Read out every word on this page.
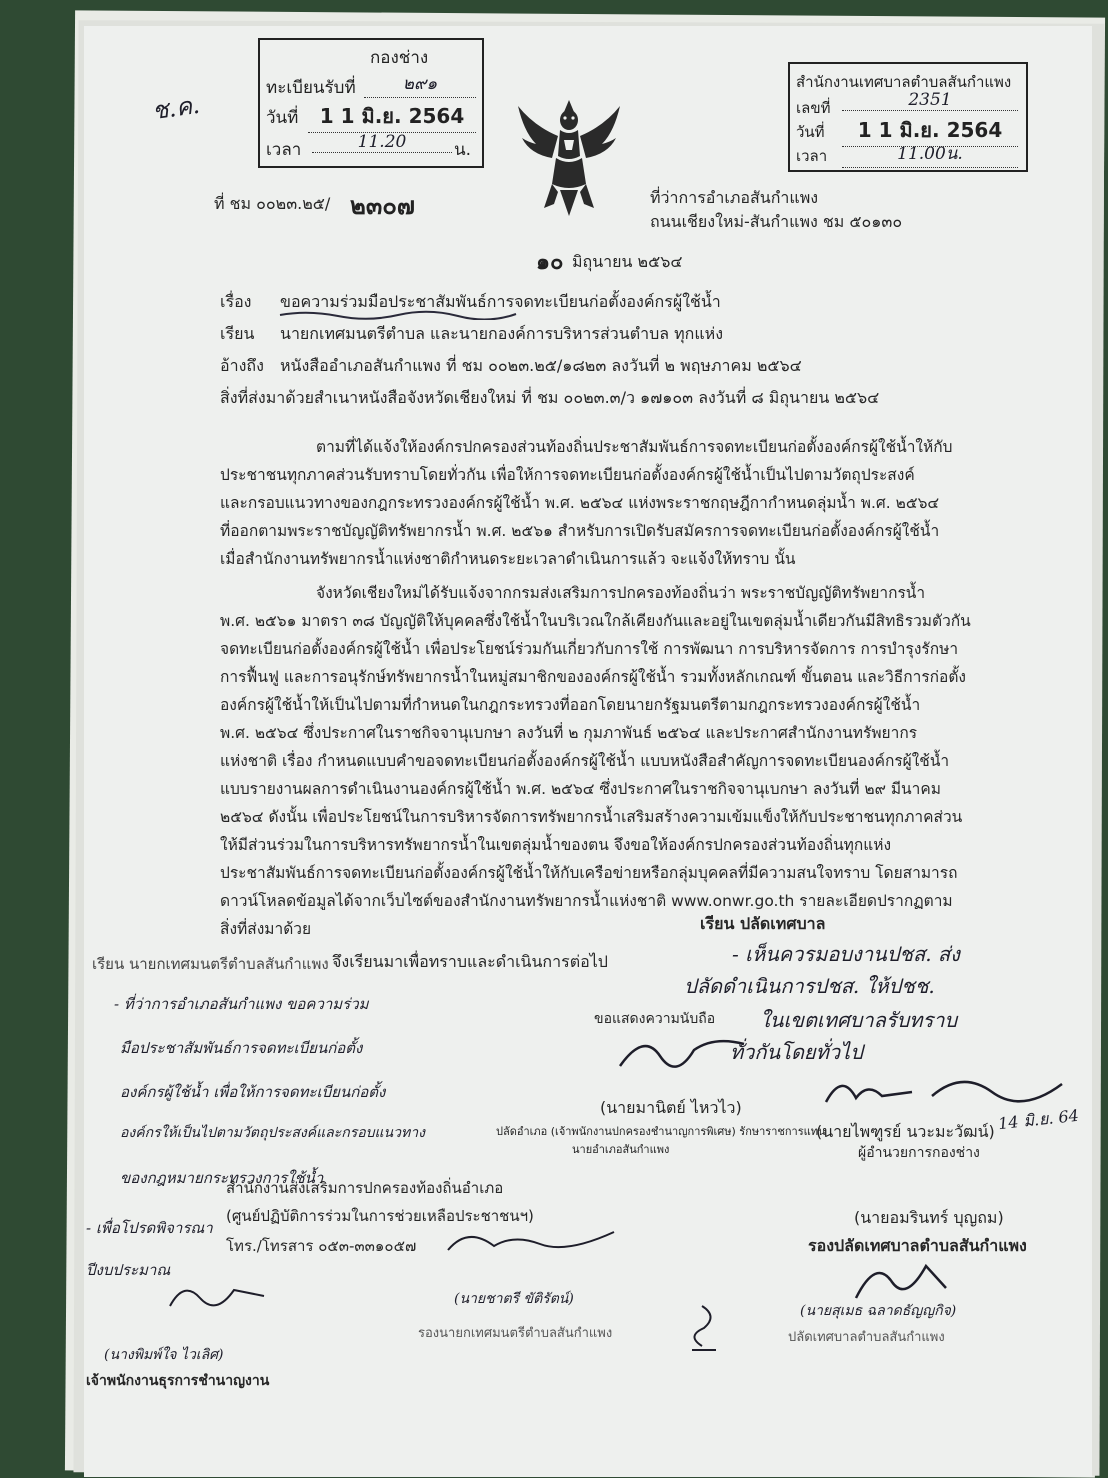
กองช่าง
ทะเบียนรับที่	๒๙๑
วันที่	1 1 มิ.ย. 2564
เวลา	11.20	น.
สำนักงานเทศบาลตำบลสันกำแพง
เลขที่	2351
วันที่	1 1 มิ.ย. 2564
เวลา	11.00น.
ช.ค.
ที่ ชม ๐๐๒๓.๒๕/ ๒๓๐๗	ที่ว่าการอำเภอสันกำแพง
ถนนเชียงใหม่-สันกำแพง ชม ๕๐๑๓๐
๑๐ มิถุนายน ๒๕๖๔
เรื่อง ขอความร่วมมือประชาสัมพันธ์การจดทะเบียนก่อตั้งองค์กรผู้ใช้น้ำ
เรียน นายกเทศมนตรีตำบล และนายกองค์การบริหารส่วนตำบล ทุกแห่ง
อ้างถึง หนังสืออำเภอสันกำแพง ที่ ชม ๐๐๒๓.๒๕/๑๘๒๓ ลงวันที่ ๒ พฤษภาคม ๒๕๖๔
สิ่งที่ส่งมาด้วย สำเนาหนังสือจังหวัดเชียงใหม่ ที่ ชม ๐๐๒๓.๓/ว ๑๗๑๐๓ ลงวันที่ ๘ มิถุนายน ๒๕๖๔
ตามที่ได้แจ้งให้องค์กรปกครองส่วนท้องถิ่นประชาสัมพันธ์การจดทะเบียนก่อตั้งองค์กรผู้ใช้น้ำให้กับ
ประชาชนทุกภาคส่วนรับทราบโดยทั่วกัน เพื่อให้การจดทะเบียนก่อตั้งองค์กรผู้ใช้น้ำเป็นไปตามวัตถุประสงค์
และกรอบแนวทางของกฎกระทรวงองค์กรผู้ใช้น้ำ พ.ศ. ๒๕๖๔ แห่งพระราชกฤษฎีกากำหนดลุ่มน้ำ พ.ศ. ๒๕๖๔
ที่ออกตามพระราชบัญญัติทรัพยากรน้ำ พ.ศ. ๒๕๖๑ สำหรับการเปิดรับสมัครการจดทะเบียนก่อตั้งองค์กรผู้ใช้น้ำ
เมื่อสำนักงานทรัพยากรน้ำแห่งชาติกำหนดระยะเวลาดำเนินการแล้ว จะแจ้งให้ทราบ นั้น
จังหวัดเชียงใหม่ได้รับแจ้งจากกรมส่งเสริมการปกครองท้องถิ่นว่า พระราชบัญญัติทรัพยากรน้ำ
พ.ศ. ๒๕๖๑ มาตรา ๓๘ บัญญัติให้บุคคลซึ่งใช้น้ำในบริเวณใกล้เคียงกันและอยู่ในเขตลุ่มน้ำเดียวกันมีสิทธิรวมตัวกัน
จดทะเบียนก่อตั้งองค์กรผู้ใช้น้ำ เพื่อประโยชน์ร่วมกันเกี่ยวกับการใช้ การพัฒนา การบริหารจัดการ การบำรุงรักษา
การฟื้นฟู และการอนุรักษ์ทรัพยากรน้ำในหมู่สมาชิกขององค์กรผู้ใช้น้ำ รวมทั้งหลักเกณฑ์ ขั้นตอน และวิธีการก่อตั้ง
องค์กรผู้ใช้น้ำให้เป็นไปตามที่กำหนดในกฎกระทรวงที่ออกโดยนายกรัฐมนตรีตามกฎกระทรวงองค์กรผู้ใช้น้ำ
พ.ศ. ๒๕๖๔ ซึ่งประกาศในราชกิจจานุเบกษา ลงวันที่ ๒ กุมภาพันธ์ ๒๕๖๔ และประกาศสำนักงานทรัพยากร
แห่งชาติ เรื่อง กำหนดแบบคำขอจดทะเบียนก่อตั้งองค์กรผู้ใช้น้ำ แบบหนังสือสำคัญการจดทะเบียนองค์กรผู้ใช้น้ำ
แบบรายงานผลการดำเนินงานองค์กรผู้ใช้น้ำ พ.ศ. ๒๕๖๔ ซึ่งประกาศในราชกิจจานุเบกษา ลงวันที่ ๒๙ มีนาคม
๒๕๖๔ ดังนั้น เพื่อประโยชน์ในการบริหารจัดการทรัพยากรน้ำเสริมสร้างความเข้มแข็งให้กับประชาชนทุกภาคส่วน
ให้มีส่วนร่วมในการบริหารทรัพยากรน้ำในเขตลุ่มน้ำของตน จึงขอให้องค์กรปกครองส่วนท้องถิ่นทุกแห่ง
ประชาสัมพันธ์การจดทะเบียนก่อตั้งองค์กรผู้ใช้น้ำให้กับเครือข่ายหรือกลุ่มบุคคลที่มีความสนใจทราบ โดยสามารถ
ดาวน์โหลดข้อมูลได้จากเว็บไซต์ของสำนักงานทรัพยากรน้ำแห่งชาติ www.onwr.go.th รายละเอียดปรากฏตาม
สิ่งที่ส่งมาด้วย
จึงเรียนมาเพื่อทราบและดำเนินการต่อไป
เรียน ปลัดเทศบาล
- เห็นควรมอบงานปชส. ส่ง
ปลัดดำเนินการปชส. ให้ปชช.
ขอแสดงความนับถือ ในเขตเทศบาลรับทราบ
ทั่วกันโดยทั่วไป
14 มิ.ย. 64
(นายมานิตย์ ไหวไว)
ปลัดอำเภอ (เจ้าพนักงานปกครองชำนาญการพิเศษ) รักษาราชการแทน
นายอำเภอสันกำแพง
(นายไพฑูรย์ นวะมะวัฒน์)
ผู้อำนวยการกองช่าง
เรียน นายกเทศมนตรีตำบลสันกำแพง
- ที่ว่าการอำเภอสันกำแพง ขอความร่วม
มือประชาสัมพันธ์การจดทะเบียนก่อตั้ง
องค์กรผู้ใช้น้ำ เพื่อให้การจดทะเบียนก่อตั้ง
องค์กรให้เป็นไปตามวัตถุประสงค์และกรอบแนวทาง
ของกฎหมายกระทรวงการใช้น้ำ
- เพื่อโปรดพิจารณา
ปีงบประมาณ
(นางพิมพ์ใจ ไวเลิศ)
เจ้าพนักงานธุรการชำนาญงาน
สำนักงานส่งเสริมการปกครองท้องถิ่นอำเภอ
(ศูนย์ปฏิบัติการร่วมในการช่วยเหลือประชาชนฯ)
โทร./โทรสาร ๐๕๓-๓๓๑๐๕๗
(นายชาตรี ขัติรัตน์)
รองนายกเทศมนตรีตำบลสันกำแพง
(นายอมรินทร์ บุญถม)
รองปลัดเทศบาลตำบลสันกำแพง
(นายสุเมธ ฉลาดธัญญกิจ)
ปลัดเทศบาลตำบลสันกำแพง
